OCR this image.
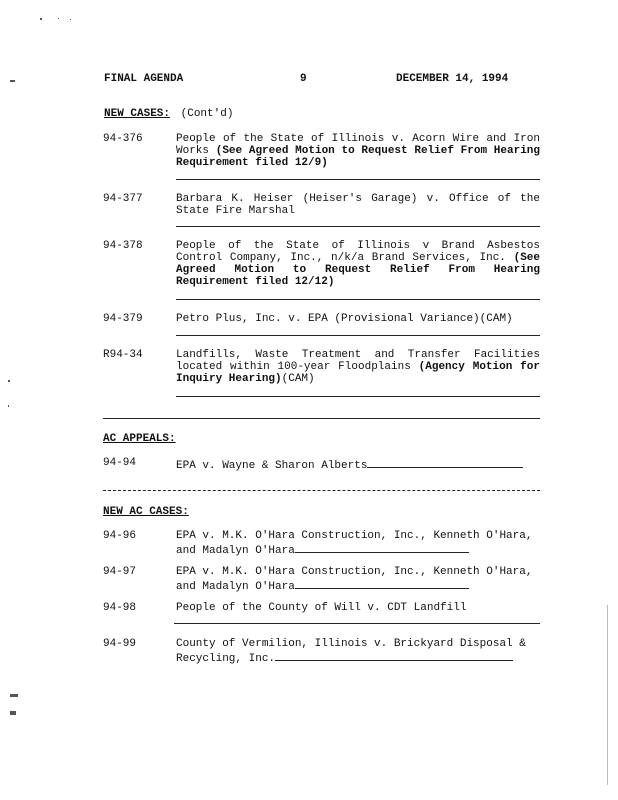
FINAL AGENDA	9	DECEMBER 14, 1994
NEW CASES: (Cont'd)
94-376	People of the State of Illinois v. Acorn Wire and Iron Works (See Agreed Motion to Request Relief From Hearing Requirement filed 12/9)
94-377	Barbara K. Heiser (Heiser's Garage) v. Office of the State Fire Marshal
94-378	People of the State of Illinois v Brand Asbestos Control Company, Inc., n/k/a Brand Services, Inc. (See Agreed Motion to Request Relief From Hearing Requirement filed 12/12)
94-379	Petro Plus, Inc. v. EPA (Provisional Variance)(CAM)
R94-34	Landfills, Waste Treatment and Transfer Facilities located within 100-year Floodplains (Agency Motion for Inquiry Hearing)(CAM)
AC APPEALS:
94-94	EPA v. Wayne & Sharon Alberts
NEW AC CASES:
94-96	EPA v. M.K. O'Hara Construction, Inc., Kenneth O'Hara, and Madalyn O'Hara
94-97	EPA v. M.K. O'Hara Construction, Inc., Kenneth O'Hara, and Madalyn O'Hara
94-98	People of the County of Will v. CDT Landfill
94-99	County of Vermilion, Illinois v. Brickyard Disposal & Recycling, Inc.
